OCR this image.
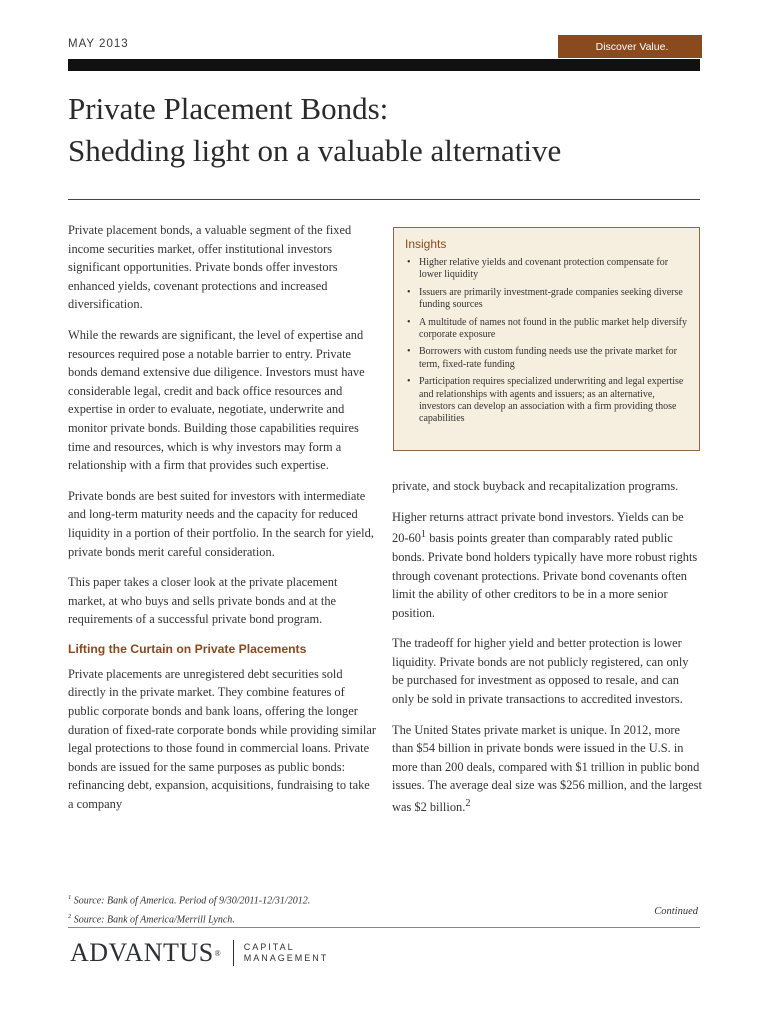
MAY 2013	Discover Value.
Private Placement Bonds:
Shedding light on a valuable alternative

Private placement bonds, a valuable segment of the fixed income securities market, offer institutional investors significant opportunities. Private bonds offer investors enhanced yields, covenant protections and increased diversification.

While the rewards are significant, the level of expertise and resources required pose a notable barrier to entry. Private bonds demand extensive due diligence. Investors must have considerable legal, credit and back office resources and expertise in order to evaluate, negotiate, underwrite and monitor private bonds. Building those capabilities requires time and resources, which is why investors may form a relationship with a firm that provides such expertise.

Private bonds are best suited for investors with intermediate and long-term maturity needs and the capacity for reduced liquidity in a portion of their portfolio. In the search for yield, private bonds merit careful consideration.

This paper takes a closer look at the private placement market, at who buys and sells private bonds and at the requirements of a successful private bond program.

Lifting the Curtain on Private Placements

Private placements are unregistered debt securities sold directly in the private market. They combine features of public corporate bonds and bank loans, offering the longer duration of fixed-rate corporate bonds while providing similar legal protections to those found in commercial loans. Private bonds are issued for the same purposes as public bonds: refinancing debt, expansion, acquisitions, fundraising to take a company

Insights
• Higher relative yields and covenant protection compensate for lower liquidity
• Issuers are primarily investment-grade companies seeking diverse funding sources
• A multitude of names not found in the public market help diversify corporate exposure
• Borrowers with custom funding needs use the private market for term, fixed-rate funding
• Participation requires specialized underwriting and legal expertise and relationships with agents and issuers; as an alternative, investors can develop an association with a firm providing those capabilities

private, and stock buyback and recapitalization programs.

Higher returns attract private bond investors. Yields can be $20-60^1$ basis points greater than comparably rated public bonds. Private bond holders typically have more robust rights through covenant protections. Private bond covenants often limit the ability of other creditors to be in a more senior position.

The tradeoff for higher yield and better protection is lower liquidity. Private bonds are not publicly registered, can only be purchased for investment as opposed to resale, and can only be sold in private transactions to accredited investors.

The United States private market is unique. In 2012, more than $54 billion in private bonds were issued in the U.S. in more than 200 deals, compared with $1 trillion in public bond issues. The average deal size was $256 million, and the largest was $2 billion.$^2$

$^1$ Source: Bank of America. Period of 9/30/2011-12/31/2012.
$^2$ Source: Bank of America/Merrill Lynch.
Continued
ADVANTUS ®
CAPITAL
MANAGEMENT
